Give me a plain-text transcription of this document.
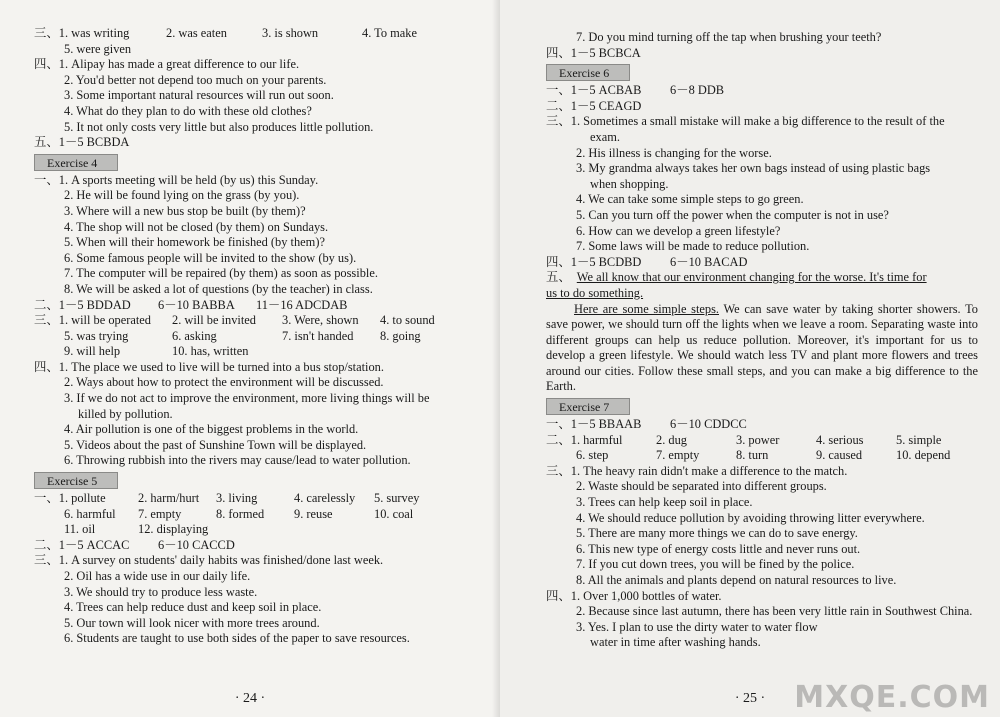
三、1. was writing	2. was eaten	3. is shown	4. To make
5. were given
四、1. Alipay has made a great difference to our life.
2. You'd better not depend too much on your parents.
3. Some important natural resources will run out soon.
4. What do they plan to do with these old clothes?
5. It not only costs very little but also produces little pollution.
五、1－5 BCBDA
Exercise 4
一、1. A sports meeting will be held (by us) this Sunday.
2. He will be found lying on the grass (by you).
3. Where will a new bus stop be built (by them)?
4. The shop will not be closed (by them) on Sundays.
5. When will their homework be finished (by them)?
6. Some famous people will be invited to the show (by us).
7. The computer will be repaired (by them) as soon as possible.
8. We will be asked a lot of questions (by the teacher) in class.
二、1－5 BDDAD	6－10 BABBA	11－16 ADCDAB
三、1. will be operated	2. will be invited	3. Were, shown	4. to sound
5. was trying	6. asking	7. isn't handed	8. going
9. will help	10. has, written
四、1. The place we used to live will be turned into a bus stop/station.
2. Ways about how to protect the environment will be discussed.
3. If we do not act to improve the environment, more living things will be
killed by pollution.
4. Air pollution is one of the biggest problems in the world.
5. Videos about the past of Sunshine Town will be displayed.
6. Throwing rubbish into the rivers may cause/lead to water pollution.
Exercise 5
一、1. pollute	2. harm/hurt	3. living	4. carelessly	5. survey
6. harmful	7. empty	8. formed	9. reuse	10. coal
11. oil	12. displaying
二、1－5 ACCAC	6－10 CACCD
三、1. A survey on students' daily habits was finished/done last week.
2. Oil has a wide use in our daily life.
3. We should try to produce less waste.
4. Trees can help reduce dust and keep soil in place.
5. Our town will look nicer with more trees around.
6. Students are taught to use both sides of the paper to save resources.
· 24 ·
7. Do you mind turning off the tap when brushing your teeth?
四、1－5 BCBCA
Exercise 6
一、1－5 ACBAB	6－8 DDB
二、1－5 CEAGD
三、1. Sometimes a small mistake will make a big difference to the result of the
exam.
2. His illness is changing for the worse.
3. My grandma always takes her own bags instead of using plastic bags
when shopping.
4. We can take some simple steps to go green.
5. Can you turn off the power when the computer is not in use?
6. How can we develop a green lifestyle?
7. Some laws will be made to reduce pollution.
四、1－5 BCDBD	6－10 BACAD
五、 We all know that our environment changing for the worse. It's time for
us to do something.
Here are some simple steps. We can save water by taking shorter showers. To save power, we should turn off the lights when we leave a room. Separating waste into different groups can help us reduce pollution. Moreover, it's important for us to develop a green lifestyle. We should watch less TV and plant more flowers and trees around our cities. Follow these small steps, and you can make a big difference to the Earth.
Exercise 7
一、1－5 BBAAB	6－10 CDDCC
二、1. harmful	2. dug	3. power	4. serious	5. simple
6. step	7. empty	8. turn	9. caused	10. depend
三、1. The heavy rain didn't make a difference to the match.
2. Waste should be separated into different groups.
3. Trees can help keep soil in place.
4. We should reduce pollution by avoiding throwing litter everywhere.
5. There are many more things we can do to save energy.
6. This new type of energy costs little and never runs out.
7. If you cut down trees, you will be fined by the police.
8. All the animals and plants depend on natural resources to live.
四、1. Over 1,000 bottles of water.
2. Because since last autumn, there has been very little rain in Southwest China.
3. Yes. I plan to use the dirty water to water flow
water in time after washing hands.
· 25 · MXQE.COM
